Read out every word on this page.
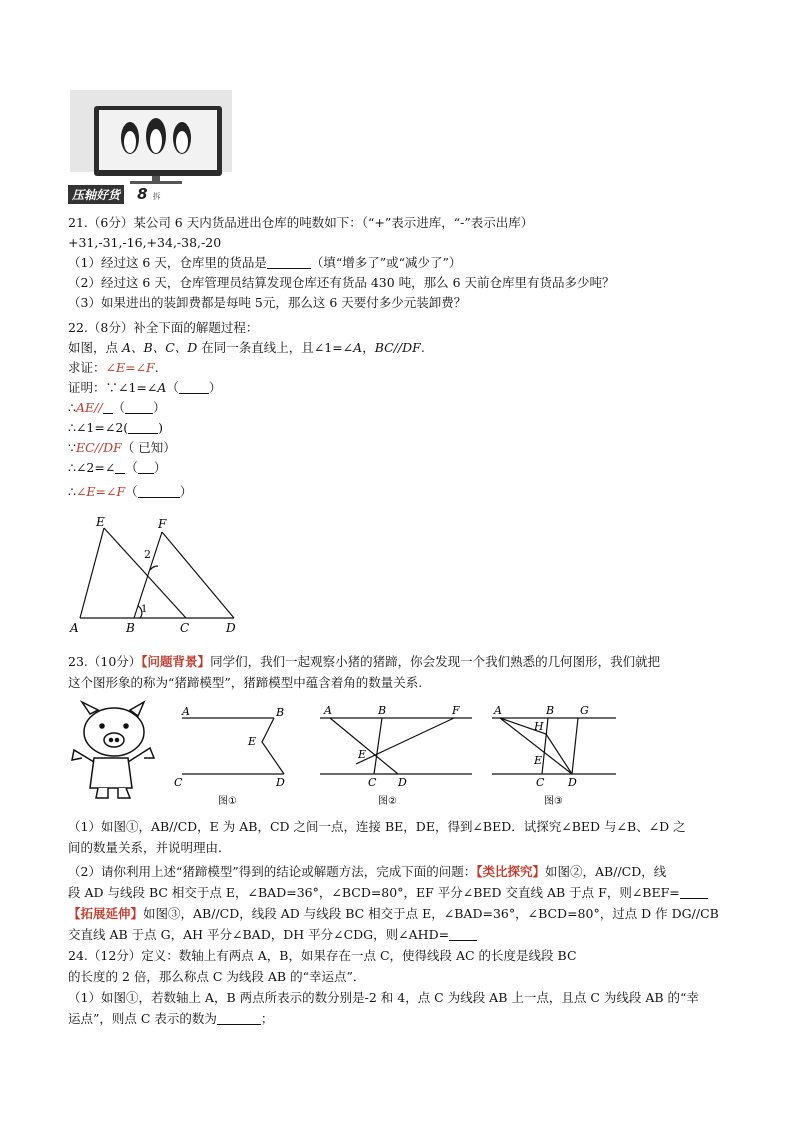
压轴好货 8 拆
21.（6分）某公司 6 天内货品进出仓库的吨数如下：（“+”表示进库，“-”表示出库）
+31,-31,-16,+34,-38,-20
（1）经过这 6 天，仓库里的货品是	（填“增多了”或“减少了”）
（2）经过这 6 天，仓库管理员结算发现仓库还有货品 430 吨，那么 6 天前仓库里有货品多少吨？
（3）如果进出的装卸费都是每吨 5元，那么这 6 天要付多少元装卸费？
22.（8分）补全下面的解题过程：
如图，点 A、B、C、D 在同一条直线上，且∠1=∠A，BC//DF.
求证：∠E=∠F.
证明：∵∠1=∠A（ ）
∴AE// （ ）
∴∠1=∠2( )
∵EC//DF（ 已知）
∴∠2=∠ （ ）
∴∠E=∠F（	）
E	F
A	B	C	D
1
2
23.（10分）【问题背景】同学们，我们一起观察小猪的猪蹄，你会发现一个我们熟悉的几何图形，我们就把
这个图形象的称为“猪蹄模型”，猪蹄模型中蕴含着角的数量关系.
A	B
E
C	D
图①
A	B	F
E
C D
图②
A	B G
H
E
C D
图③
（1）如图①，AB//CD，E 为 AB，CD 之间一点，连接 BE，DE，得到∠BED．试探究∠BED 与∠B、∠D 之
间的数量关系，并说明理由．
（2）请你利用上述“猪蹄模型”得到的结论或解题方法，完成下面的问题：【类比探究】如图②，AB//CD，线
段 AD 与线段 BC 相交于点 E，∠BAD=36°，∠BCD=80°，EF 平分∠BED 交直线 AB 于点 F，则∠BEF=
【拓展延伸】如图③，AB//CD，线段 AD 与线段 BC 相交于点 E，∠BAD=36°，∠BCD=80°，过点 D 作 DG//CB
交直线 AB 于点 G，AH 平分∠BAD，DH 平分∠CDG，则∠AHD=
24.（12分）定义：数轴上有两点 A，B，如果存在一点 C，使得线段 AC 的长度是线段 BC
的长度的 2 倍，那么称点 C 为线段 AB 的“幸运点”．
（1）如图①，若数轴上 A，B 两点所表示的数分别是-2 和 4，点 C 为线段 AB 上一点，且点 C 为线段 AB 的“幸
运点”，则点 C 表示的数为	；
